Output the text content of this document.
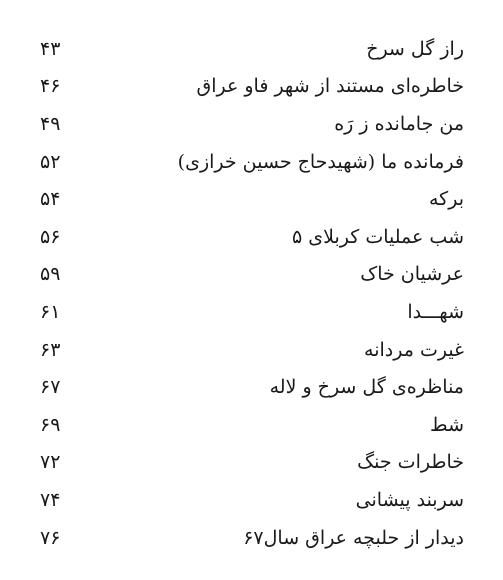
۴۳	راز گل سرخ
۴۶	خاطره‌ای مستند از شهر فاو عراق
۴۹	من جامانده ز رَه
۵۲	فرمانده ما (شهیدحاج حسین خرازی)
۵۴	برکه
۵۶	شب عملیات کربلای ۵
۵۹	عرشیان خاک
۶۱	شهـــدا
۶۳	غیرت مردانه
۶۷	مناظره‌ی گل سرخ و لاله
۶۹	شط
۷۲	خاطرات جنگ
۷۴	سربند پیشانی
۷۶	دیدار از حلبچه عراق سال۶۷
